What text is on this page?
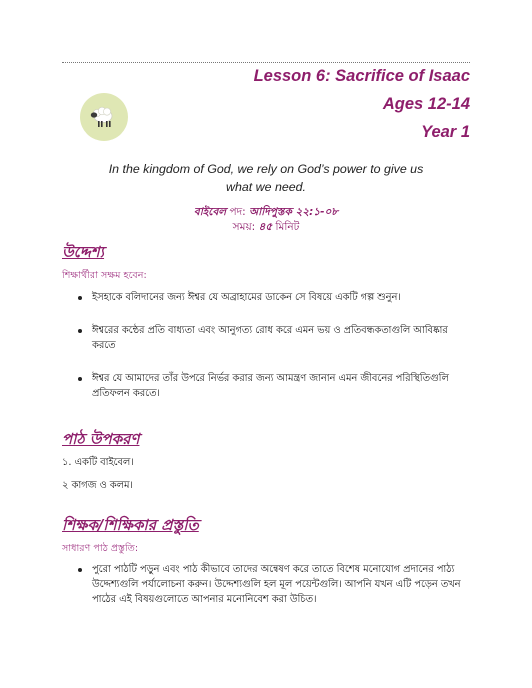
Lesson 6: Sacrifice of Isaac
Ages 12-14
Year 1
In the kingdom of God, we rely on God’s power to give us what we need.
বাইবেল পদ: আদিপুস্তক ২২:১-০৮
সময়: ৪৫ মিনিট
উদ্দেশ্য
শিক্ষার্থীরা সক্ষম হবেন:
ইসহাকে বলিদানের জন্য ঈশ্বর যে অব্রাহামের ডাকেন সে বিষয়ে একটি গল্প শুনুন।
ঈশ্বরের কন্ঠের প্রতি বাধ্যতা এবং আনুগত্য রোধ করে এমন ভয় ও প্রতিবন্ধকতাগুলি আবিষ্কার করতে
ঈশ্বর যে আমাদের তাঁর উপরে নির্ভর করার জন্য আমন্ত্রণ জানান এমন জীবনের পরিস্থিতিগুলি প্রতিফলন করতে।
পাঠ উপকরণ
১. একটি বাইবেল।
২ কাগজ ও কলম।
শিক্ষক/শিক্ষিকার প্রস্তুতি
সাধারণ পাঠ প্রস্তুতি:
পুরো পাঠটি পড়ুন এবং পাঠ কীভাবে তাদের অন্বেষণ করে তাতে বিশেষ মনোযোগ প্রদানের পাঠ্য উদ্দেশ্যগুলি পর্যালোচনা করুন। উদ্দেশ্যগুলি হল মূল পয়েন্টগুলি। আপনি যখন এটি পড়েন তখন পাঠের এই বিষয়গুলোতে আপনার মনোনিবেশ করা উচিত।
